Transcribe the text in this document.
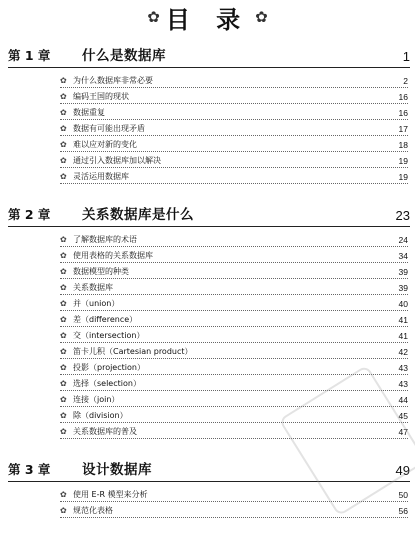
✿ 目 录 ✿
第 1 章	什么是数据库	1
✿ 为什么数据库非常必要	2
✿ 编码王国的现状	16
✿ 数据重复	16
✿ 数据有可能出现矛盾	17
✿ 难以应对新的变化	18
✿ 通过引入数据库加以解决	19
✿ 灵活运用数据库	19
第 2 章	关系数据库是什么	23
✿ 了解数据库的术语	24
✿ 使用表格的关系数据库	34
✿ 数据模型的种类	39
✿ 关系数据库	39
✿ 并（union）	40
✿ 差（difference）	41
✿ 交（intersection）	41
✿ 笛卡儿积（Cartesian product）	42
✿ 投影（projection）	43
✿ 选择（selection）	43
✿ 连接（join）	44
✿ 除（division）	45
✿ 关系数据库的普及	47
第 3 章	设计数据库	49
✿ 使用 E-R 模型来分析	50
✿ 规范化表格	56
